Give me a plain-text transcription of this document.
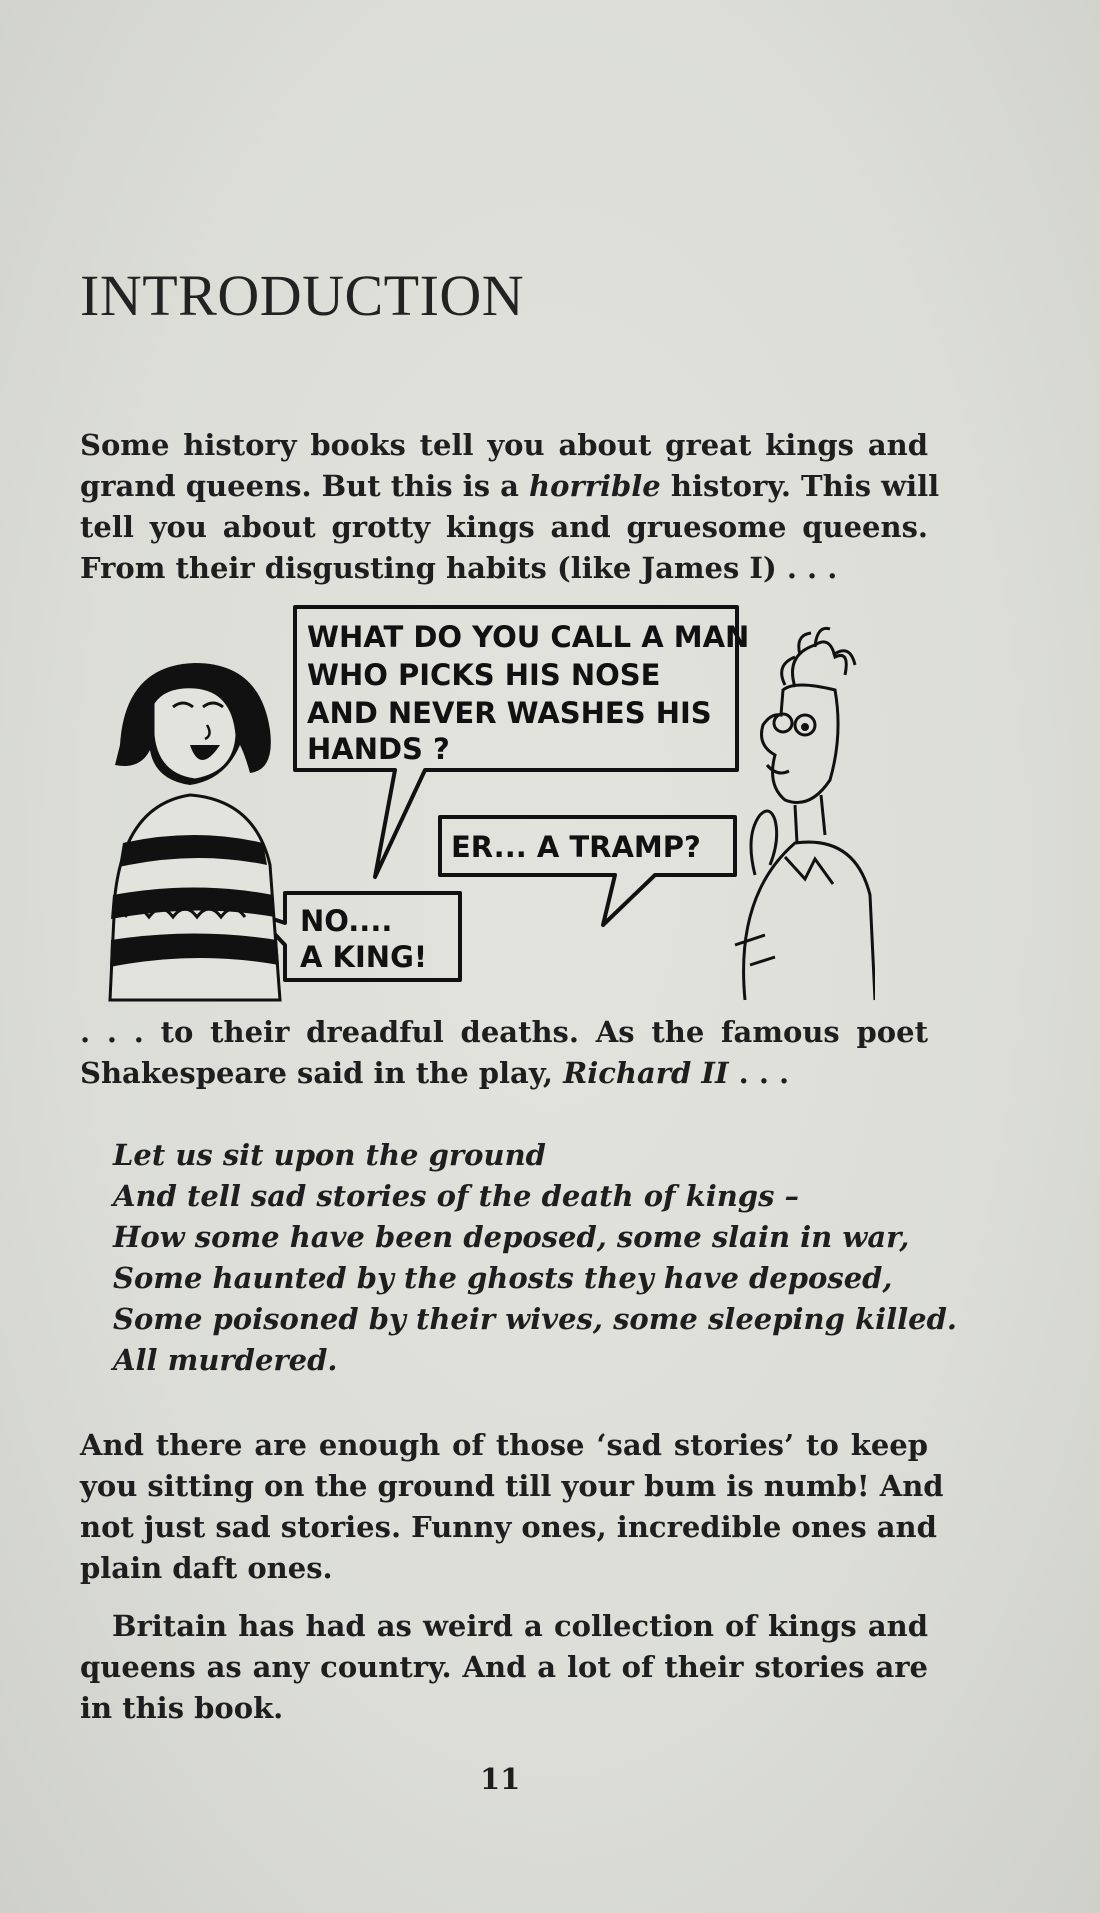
INTRODUCTION
Some history books tell you about great kings and
grand queens. But this is a horrible history. This will
tell you about grotty kings and gruesome queens.
From their disgusting habits (like James I) . . .
WHAT DO YOU CALL A MAN
WHO PICKS HIS NOSE
AND NEVER WASHES HIS
HANDS ?
ER... A TRAMP?
NO....
A KING!
. . . to their dreadful deaths. As the famous poet
Shakespeare said in the play, Richard II . . .
Let us sit upon the ground
And tell sad stories of the death of kings –
How some have been deposed, some slain in war,
Some haunted by the ghosts they have deposed,
Some poisoned by their wives, some sleeping killed.
All murdered.
And there are enough of those ‘sad stories’ to keep
you sitting on the ground till your bum is numb! And
not just sad stories. Funny ones, incredible ones and
plain daft ones.
Britain has had as weird a collection of kings and
queens as any country. And a lot of their stories are
in this book.
11
